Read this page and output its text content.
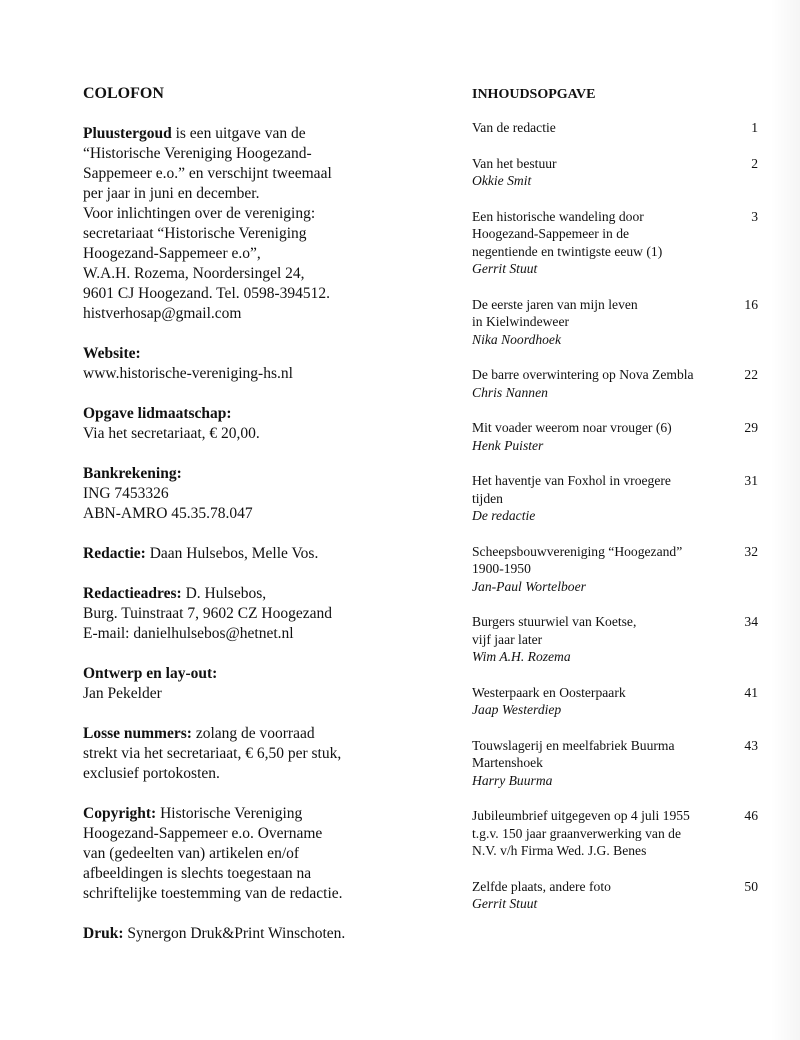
COLOFON

Pluustergoud is een uitgave van de

“Historische Vereniging Hoogezand-

Sappemeer e.o.” en verschijnt tweemaal

per jaar in juni en december.

Voor inlichtingen over de vereniging:

secretariaat “Historische Vereniging

Hoogezand-Sappemeer e.o”,

W.A.H. Rozema, Noordersingel 24,

9601 CJ Hoogezand. Tel. 0598-394512.

histverhosap@gmail.com

Website:

www.historische-vereniging-hs.nl

Opgave lidmaatschap:

Via het secretariaat, € 20,00.

Bankrekening:

ING 7453326

ABN-AMRO 45.35.78.047

Redactie: Daan Hulsebos, Melle Vos.

Redactieadres: D. Hulsebos,

Burg. Tuinstraat 7, 9602 CZ Hoogezand

E-mail: danielhulsebos@hetnet.nl

Ontwerp en lay-out:

Jan Pekelder

Losse nummers: zolang de voorraad

strekt via het secretariaat, € 6,50 per stuk,

exclusief portokosten.

Copyright: Historische Vereniging

Hoogezand-Sappemeer e.o. Overname

van (gedeelten van) artikelen en/of

afbeeldingen is slechts toegestaan na

schriftelijke toestemming van de redactie.

Druk: Synergon Druk&Print Winschoten.

INHOUDSOPGAVE
Van de redactie	1
Van het bestuur
Okkie Smit
2
Een historische wandeling door
Hoogezand-Sappemeer in de
negentiende en twintigste eeuw (1)
Gerrit Stuut
3
De eerste jaren van mijn leven
in Kielwindeweer
Nika Noordhoek
16
De barre overwintering op Nova Zembla
Chris Nannen
22
Mit voader weerom noar vrouger (6)
Henk Puister
29
Het haventje van Foxhol in vroegere
tijden
De redactie
31
Scheepsbouwvereniging “Hoogezand”
1900-1950
Jan-Paul Wortelboer
32
Burgers stuurwiel van Koetse,
vijf jaar later
Wim A.H. Rozema
34
Westerpaark en Oosterpaark
Jaap Westerdiep
41
Touwslagerij en meelfabriek Buurma
Martenshoek
Harry Buurma
43
Jubileumbrief uitgegeven op 4 juli 1955
t.g.v. 150 jaar graanverwerking van de
N.V. v/h Firma Wed. J.G. Benes
46
Zelfde plaats, andere foto
Gerrit Stuut
50
